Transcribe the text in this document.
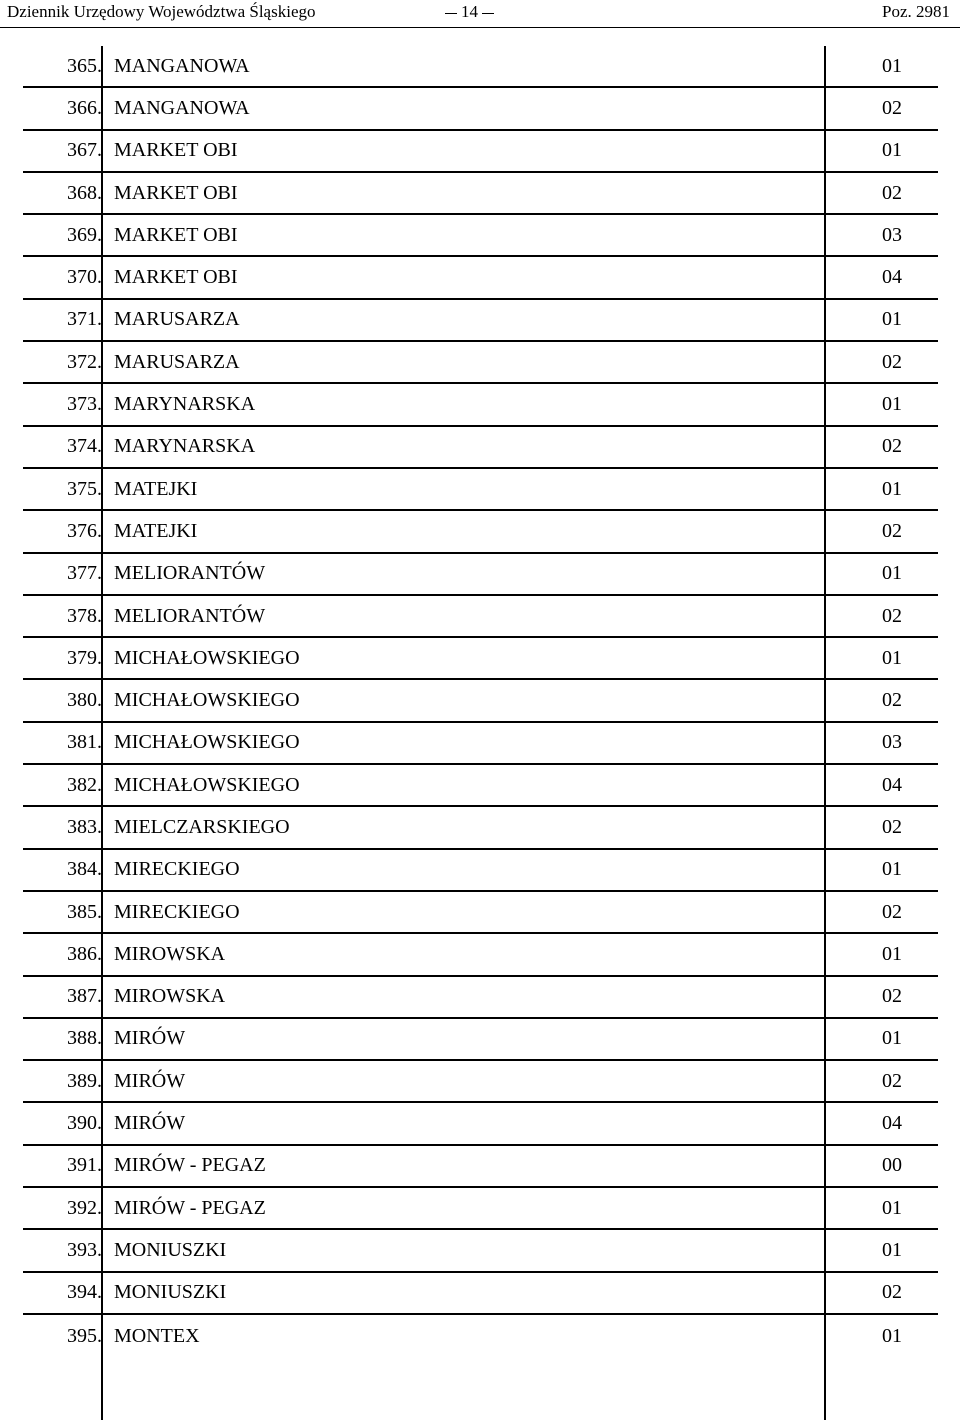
Dziennik Urzędowy Województwa Śląskiego	14	Poz. 2981
365. MANGANOWA	01
366. MANGANOWA	02
367. MARKET OBI	01
368. MARKET OBI	02
369. MARKET OBI	03
370. MARKET OBI	04
371. MARUSARZA	01
372. MARUSARZA	02
373. MARYNARSKA	01
374. MARYNARSKA	02
375. MATEJKI	01
376. MATEJKI	02
377. MELIORANTÓW	01
378. MELIORANTÓW	02
379. MICHAŁOWSKIEGO	01
380. MICHAŁOWSKIEGO	02
381. MICHAŁOWSKIEGO	03
382. MICHAŁOWSKIEGO	04
383. MIELCZARSKIEGO	02
384. MIRECKIEGO	01
385. MIRECKIEGO	02
386. MIROWSKA	01
387. MIROWSKA	02
388. MIRÓW	01
389. MIRÓW	02
390. MIRÓW	04
391. MIRÓW - PEGAZ	00
392. MIRÓW - PEGAZ	01
393. MONIUSZKI	01
394. MONIUSZKI	02
395. MONTEX	01
